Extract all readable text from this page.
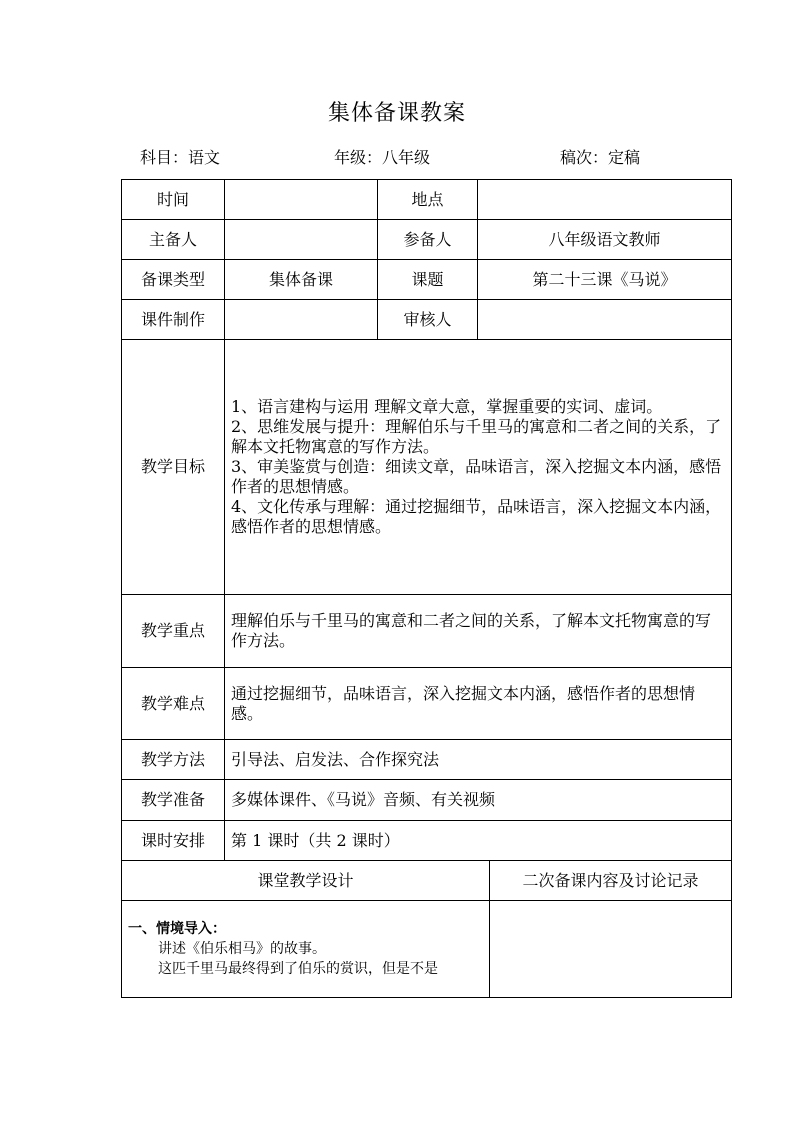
集体备课教案
科目：语文	年级：八年级	稿次：定稿
时间		地点		
主备人		参备人	八年级语文教师	
备课类型	集体备课	课题	第二十三课《马说》	
课件制作		审核人		
教学目标	1、语言建构与运用 理解文章大意，掌握重要的实词、虚词。
2、思维发展与提升：理解伯乐与千里马的寓意和二者之间的关系，了解本文托物寓意的写作方法。
3、审美鉴赏与创造：细读文章，品味语言，深入挖掘文本内涵，感悟作者的思想情感。
4、文化传承与理解：通过挖掘细节，品味语言，深入挖掘文本内涵，感悟作者的思想情感。			

教学重点	理解伯乐与千里马的寓意和二者之间的关系，了解本文托物寓意的写作方法。			
教学难点	通过挖掘细节，品味语言，深入挖掘文本内涵，感悟作者的思想情感。			
教学方法	引导法、启发法、合作探究法			
教学准备	多媒体课件、《马说》音频、有关视频			
课时安排	第 1 课时（共 2 课时）			
课堂教学设计				二次备课内容及讨论记录

一、情境导入：
讲述《伯乐相马》的故事。
这匹千里马最终得到了伯乐的赏识，但是不是				
